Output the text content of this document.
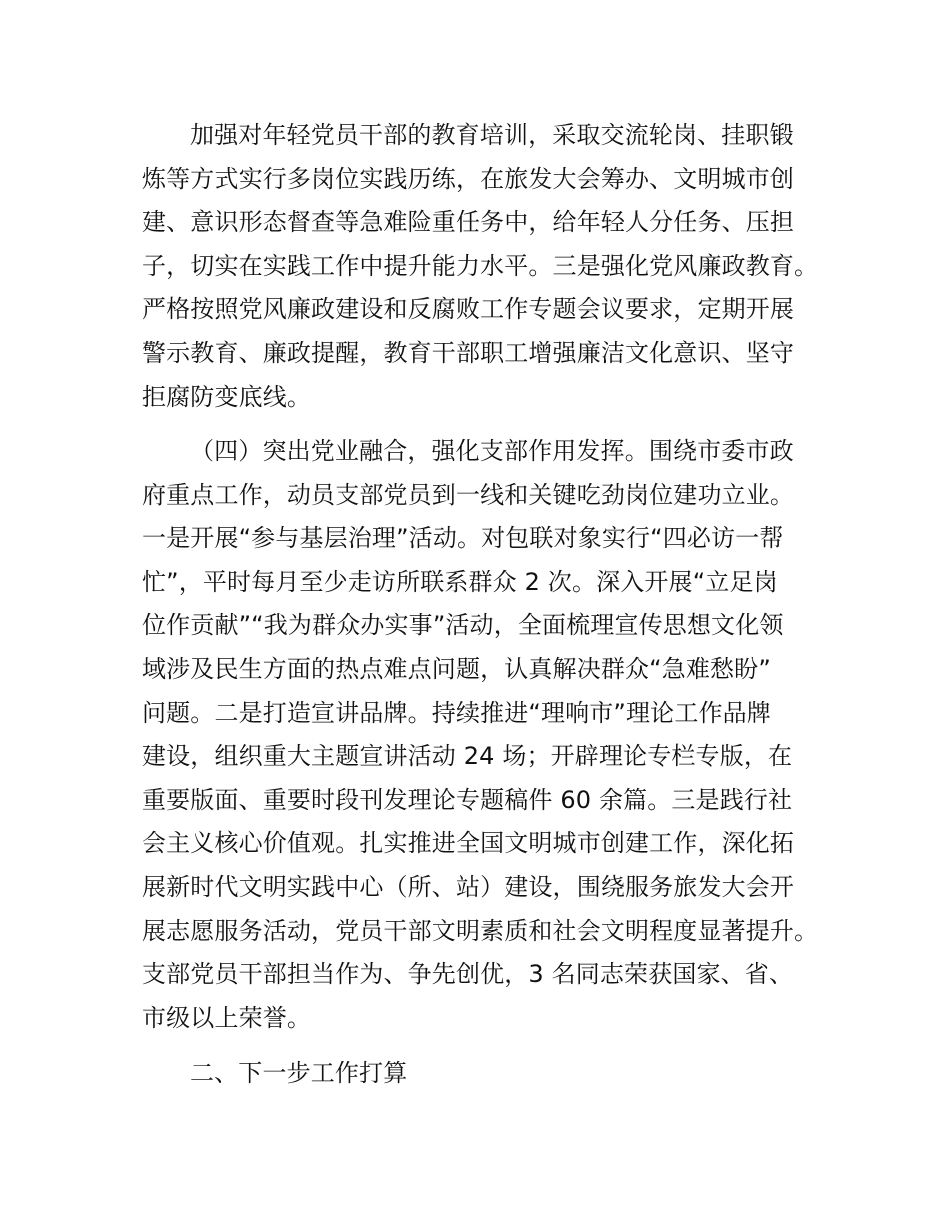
加强对年轻党员干部的教育培训，采取交流轮岗、挂职锻
炼等方式实行多岗位实践历练，在旅发大会筹办、文明城市创
建、意识形态督查等急难险重任务中，给年轻人分任务、压担
子，切实在实践工作中提升能力水平。三是强化党风廉政教育。
严格按照党风廉政建设和反腐败工作专题会议要求，定期开展
警示教育、廉政提醒，教育干部职工增强廉洁文化意识、坚守
拒腐防变底线。
（四）突出党业融合，强化支部作用发挥。围绕市委市政
府重点工作，动员支部党员到一线和关键吃劲岗位建功立业。
一是开展“参与基层治理”活动。对包联对象实行“四必访一帮
忙”，平时每月至少走访所联系群众 2 次。深入开展“立足岗
位作贡献”“我为群众办实事”活动，全面梳理宣传思想文化领
域涉及民生方面的热点难点问题，认真解决群众“急难愁盼”
问题。二是打造宣讲品牌。持续推进“理响市”理论工作品牌
建设，组织重大主题宣讲活动 24 场；开辟理论专栏专版，在
重要版面、重要时段刊发理论专题稿件 60 余篇。三是践行社
会主义核心价值观。扎实推进全国文明城市创建工作，深化拓
展新时代文明实践中心（所、站）建设，围绕服务旅发大会开
展志愿服务活动，党员干部文明素质和社会文明程度显著提升。
支部党员干部担当作为、争先创优，3 名同志荣获国家、省、
市级以上荣誉。
二、下一步工作打算
